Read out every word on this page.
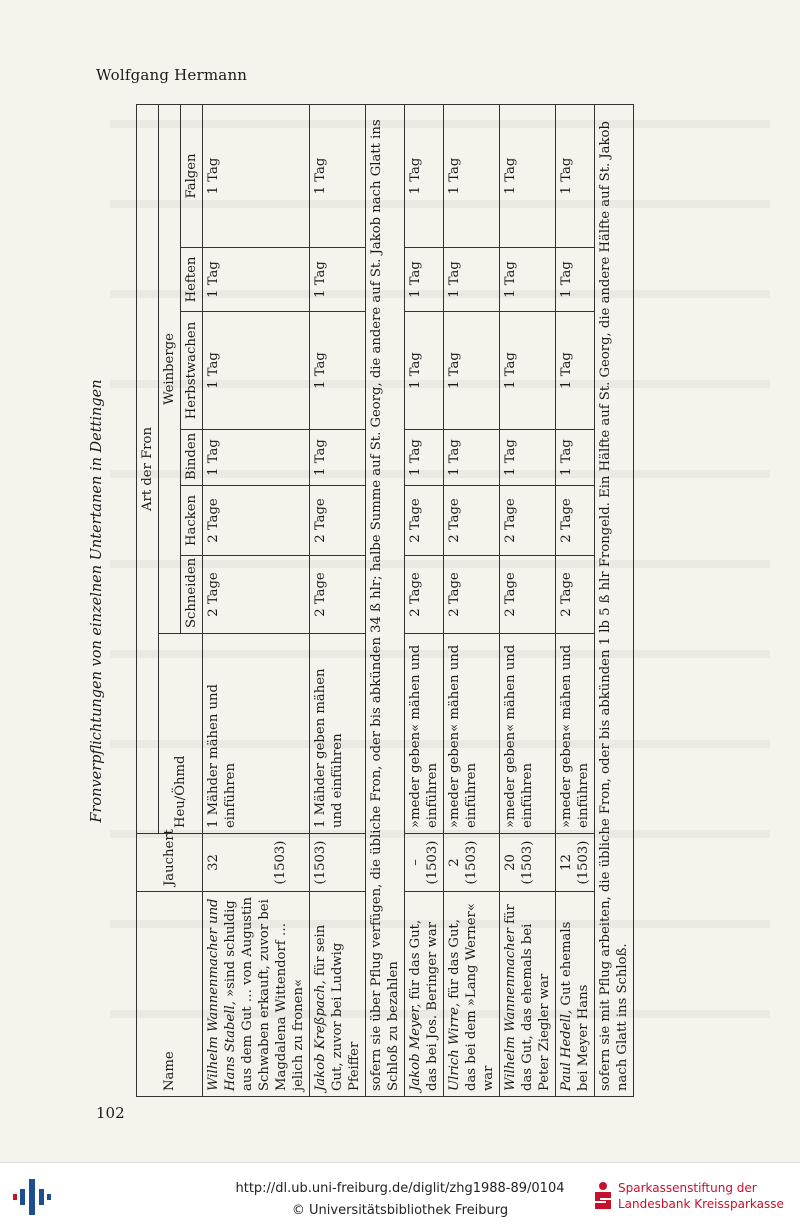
Wolfgang Hermann
Fronverpflichtungen von einzelnen Untertanen in Dettingen
Name	Jauchert	Art der Fron						
		Heu/Öhmd	Weinberge					
			Schneiden	Hacken	Binden	Herbstwachen	Heften	Falgen
Wilhelm Wannenmacher und Hans Stabell, »sind schuldig aus dem Gut … von Augustin Schwaben erkauft, zuvor bei Magdalena Wittendorf … jelich zu fronen«	32 (1503)	1 Mähder mähen und einführen	2 Tage	2 Tage	1 Tag	1 Tag	1 Tag	1 Tag
Jakob Kreßpach, für sein Gut, zuvor bei Ludwig Pfeiffer	(1503)	1 Mähder geben mähen und einführen	2 Tage	2 Tage	1 Tag	1 Tag	1 Tag	1 Tag
sofern sie über Pflug verfügen, die übliche Fron, oder bis abkünden 34 ß hlr; halbe Summe auf St. Georg, die andere auf St. Jakob nach Glatt ins Schloß zu bezahlen								
Jakob Meyer, für das Gut, das bei Jos. Beringer war	– (1503)	»meder geben« mähen und einführen	2 Tage	2 Tage	1 Tag	1 Tag	1 Tag	1 Tag
Ulrich Wirre, für das Gut, das bei dem »Lang Werner« war	2 (1503)	»meder geben« mähen und einführen	2 Tage	2 Tage	1 Tag	1 Tag	1 Tag	1 Tag
Wilhelm Wannenmacher für das Gut, das ehemals bei Peter Ziegler war	20 (1503)	»meder geben« mähen und einführen	2 Tage	2 Tage	1 Tag	1 Tag	1 Tag	1 Tag
Paul Hedell, Gut ehemals bei Meyer Hans	12 (1503)	»meder geben« mähen und einführen	2 Tage	2 Tage	1 Tag	1 Tag	1 Tag	1 Tag
sofern sie mit Pflug arbeiten, die übliche Fron, oder bis abkünden 1 lb 5 ß hlr Frongeld. Ein Hälfte auf St. Georg, die andere Hälfte auf St. Jakob nach Glatt ins Schloß.								
102
http://dl.ub.uni-freiburg.de/diglit/zhg1988-89/0104
© Universitätsbibliothek Freiburg
Sparkassenstiftung der
Landesbank Kreissparkasse
